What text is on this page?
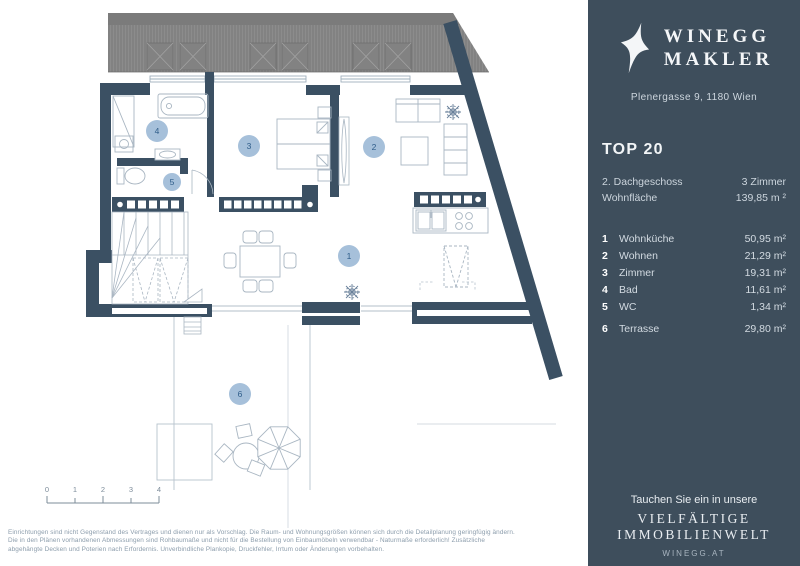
1
2
3
4
5
6
0	1	2	3	4
Einrichtungen sind nicht Gegenstand des Vertrages und dienen nur als Vorschlag. Die Raum- und Wohnungsgrößen können sich durch die Detailplanung geringfügig ändern.
Die in den Plänen vorhandenen Abmessungen sind Rohbaumaße und nicht für die Bestellung von Einbaumöbeln verwendbar - Naturmaße erforderlich! Zusätzliche
abgehängte Decken und Poterien nach Erfordernis. Unverbindliche Plankopie, Druckfehler, Irrtum oder Änderungen vorbehalten.
WINEGG
MAKLER
Plenergasse 9, 1180 Wien
TOP 20
2. Dachgeschoss	3 Zimmer
Wohnfläche	139,85 m ²
1	Wohnküche	50,95 m²
2	Wohnen	21,29 m²
3	Zimmer	19,31 m²
4	Bad	11,61 m²
5	WC	1,34 m²
6	Terrasse	29,80 m²
Tauchen Sie ein in unsere
VIELFÄLTIGE
IMMOBILIENWELT
WINEGG.AT
